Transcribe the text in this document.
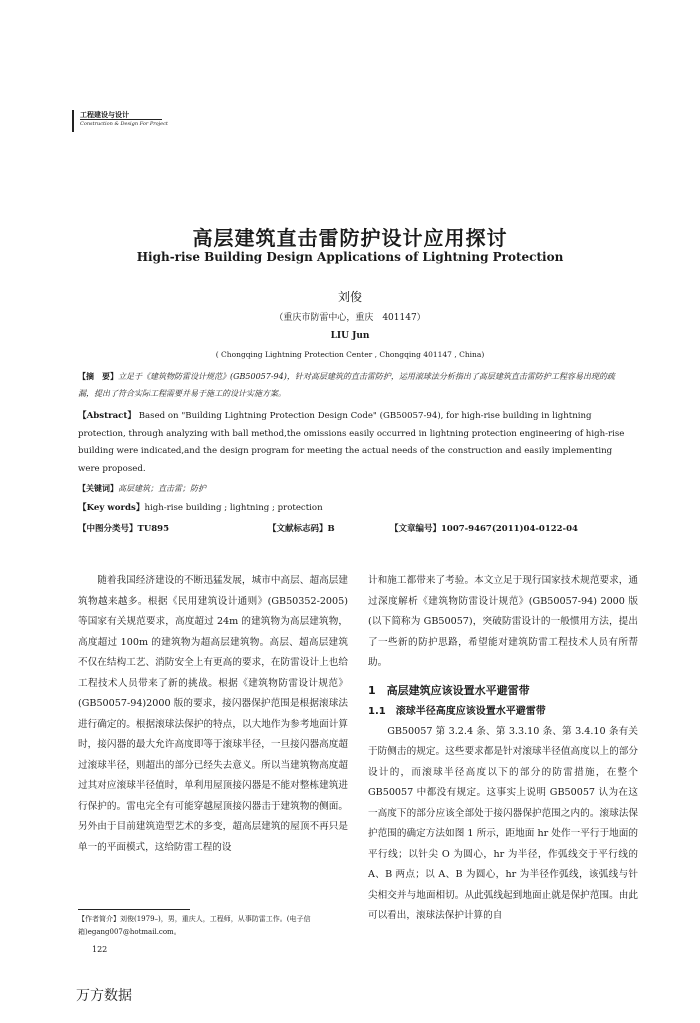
工程建设与设计
Construction & Design For Project
高层建筑直击雷防护设计应用探讨
High-rise Building Design Applications of Lightning Protection
刘俊
（重庆市防雷中心，重庆　401147）
LIU Jun
( Chongqing Lightning Protection Center , Chongqing 401147 , China)
【摘　要】立足于《建筑物防雷设计规范》(GB50057-94)，针对高层建筑的直击雷防护，运用滚球法分析指出了高层建筑直击雷防护工程容易出现的疏漏，提出了符合实际工程需要并易于施工的设计实施方案。
【Abstract】 Based on "Building Lightning Protection Design Code" (GB50057-94), for high-rise building in lightning protection, through analyzing with ball method,the omissions easily occurred in lightning protection engineering of high-rise building were indicated,and the design program for meeting the actual needs of the construction and easily implementing were proposed.
【关键词】高层建筑；直击雷；防护
【Key words】high-rise building ; lightning ; protection
【中图分类号】TU895	【文献标志码】B	【文章编号】1007-9467(2011)04-0122-04

随着我国经济建设的不断迅猛发展，城市中高层、超高层建筑物越来越多。根据《民用建筑设计通则》(GB50352-2005)等国家有关规范要求，高度超过 24m 的建筑物为高层建筑物，高度超过 100m 的建筑物为超高层建筑物。高层、超高层建筑不仅在结构工艺、消防安全上有更高的要求，在防雷设计上也给工程技术人员带来了新的挑战。根据《建筑物防雷设计规范》(GB50057-94)2000 版的要求，接闪器保护范围是根据滚球法进行确定的。根据滚球法保护的特点，以大地作为参考地面计算时，接闪器的最大允许高度即等于滚球半径，一旦接闪器高度超过滚球半径，则超出的部分已经失去意义。所以当建筑物高度超过其对应滚球半径值时，单利用屋顶接闪器是不能对整栋建筑进行保护的。雷电完全有可能穿越屋顶接闪器击于建筑物的侧面。另外由于目前建筑造型艺术的多变，超高层建筑的屋顶不再只是单一的平面模式，这给防雷工程的设

计和施工都带来了考验。本文立足于现行国家技术规范要求，通过深度解析《建筑物防雷设计规范》(GB50057-94) 2000 版(以下简称为 GB50057)，突破防雷设计的一般惯用方法，提出了一些新的防护思路，希望能对建筑防雷工程技术人员有所帮助。

1　高层建筑应该设置水平避雷带
1.1　滚球半径高度应该设置水平避雷带

GB50057 第 3.2.4 条、第 3.3.10 条、第 3.4.10 条有关于防侧击的规定。这些要求都是针对滚球半径值高度以上的部分设计的，而滚球半径高度以下的部分的防雷措施，在整个 GB50057 中都没有规定。这事实上说明 GB50057 认为在这一高度下的部分应该全部处于接闪器保护范围之内的。滚球法保护范围的确定方法如图 1 所示，距地面 hr 处作一平行于地面的平行线；以针尖 O 为圆心，hr 为半径，作弧线交于平行线的 A、B 两点；以 A、B 为圆心，hr 为半径作弧线，该弧线与针尖相交并与地面相切。从此弧线起到地面止就是保护范围。由此可以看出，滚球法保护计算的自

【作者简介】刘俊(1979–)，男，重庆人，工程师，从事防雷工作。(电子信箱)egang007@hotmail.com。
122
万方数据
